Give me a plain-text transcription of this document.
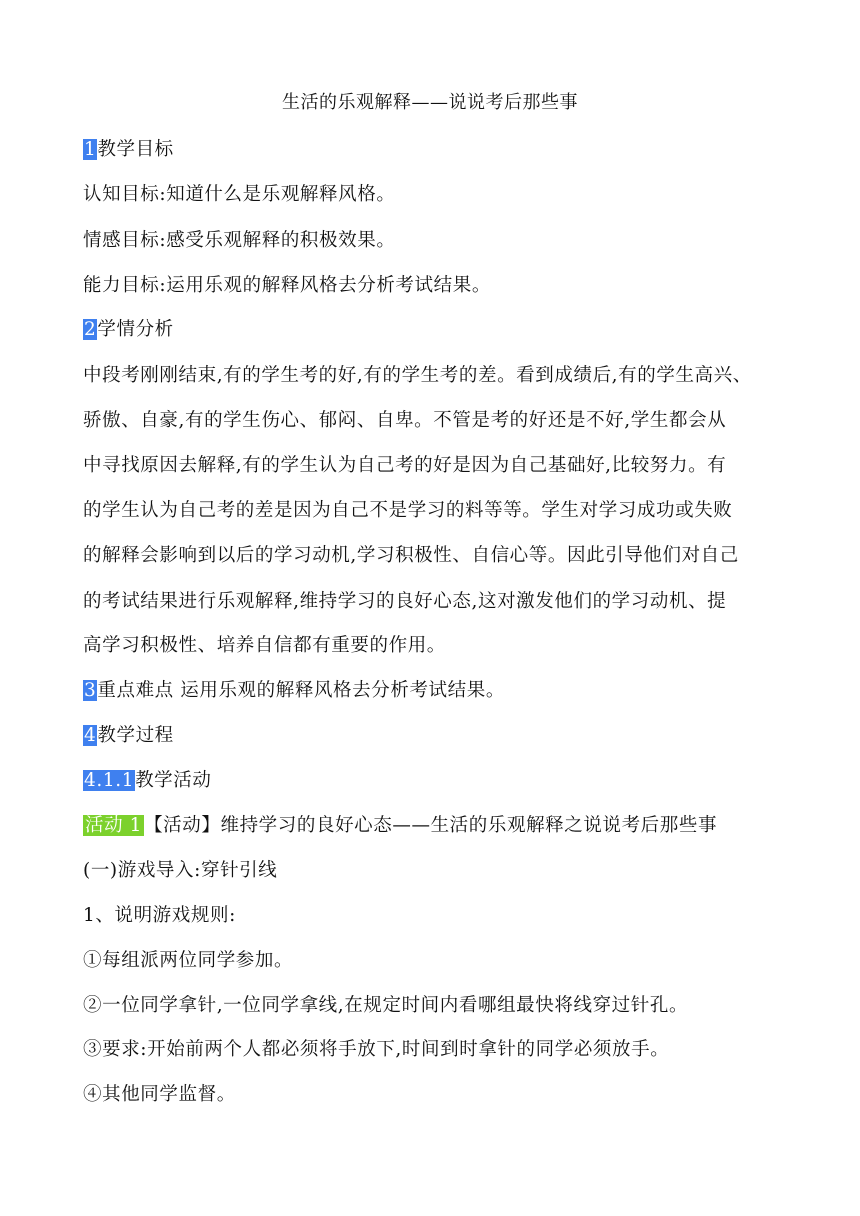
生活的乐观解释——说说考后那些事
1教学目标
认知目标:知道什么是乐观解释风格。
情感目标:感受乐观解释的积极效果。
能力目标:运用乐观的解释风格去分析考试结果。
2学情分析
中段考刚刚结束,有的学生考的好,有的学生考的差。看到成绩后,有的学生高兴、
骄傲、自豪,有的学生伤心、郁闷、自卑。不管是考的好还是不好,学生都会从
中寻找原因去解释,有的学生认为自己考的好是因为自己基础好,比较努力。有
的学生认为自己考的差是因为自己不是学习的料等等。学生对学习成功或失败
的解释会影响到以后的学习动机,学习积极性、自信心等。因此引导他们对自己
的考试结果进行乐观解释,维持学习的良好心态,这对激发他们的学习动机、提
高学习积极性、培养自信都有重要的作用。
3重点难点 运用乐观的解释风格去分析考试结果。
4教学过程
4.1.1教学活动
活动 1 【活动】维持学习的良好心态——生活的乐观解释之说说考后那些事
(一)游戏导入:穿针引线
1、说明游戏规则:
①每组派两位同学参加。
②一位同学拿针,一位同学拿线,在规定时间内看哪组最快将线穿过针孔。
③要求:开始前两个人都必须将手放下,时间到时拿针的同学必须放手。
④其他同学监督。
